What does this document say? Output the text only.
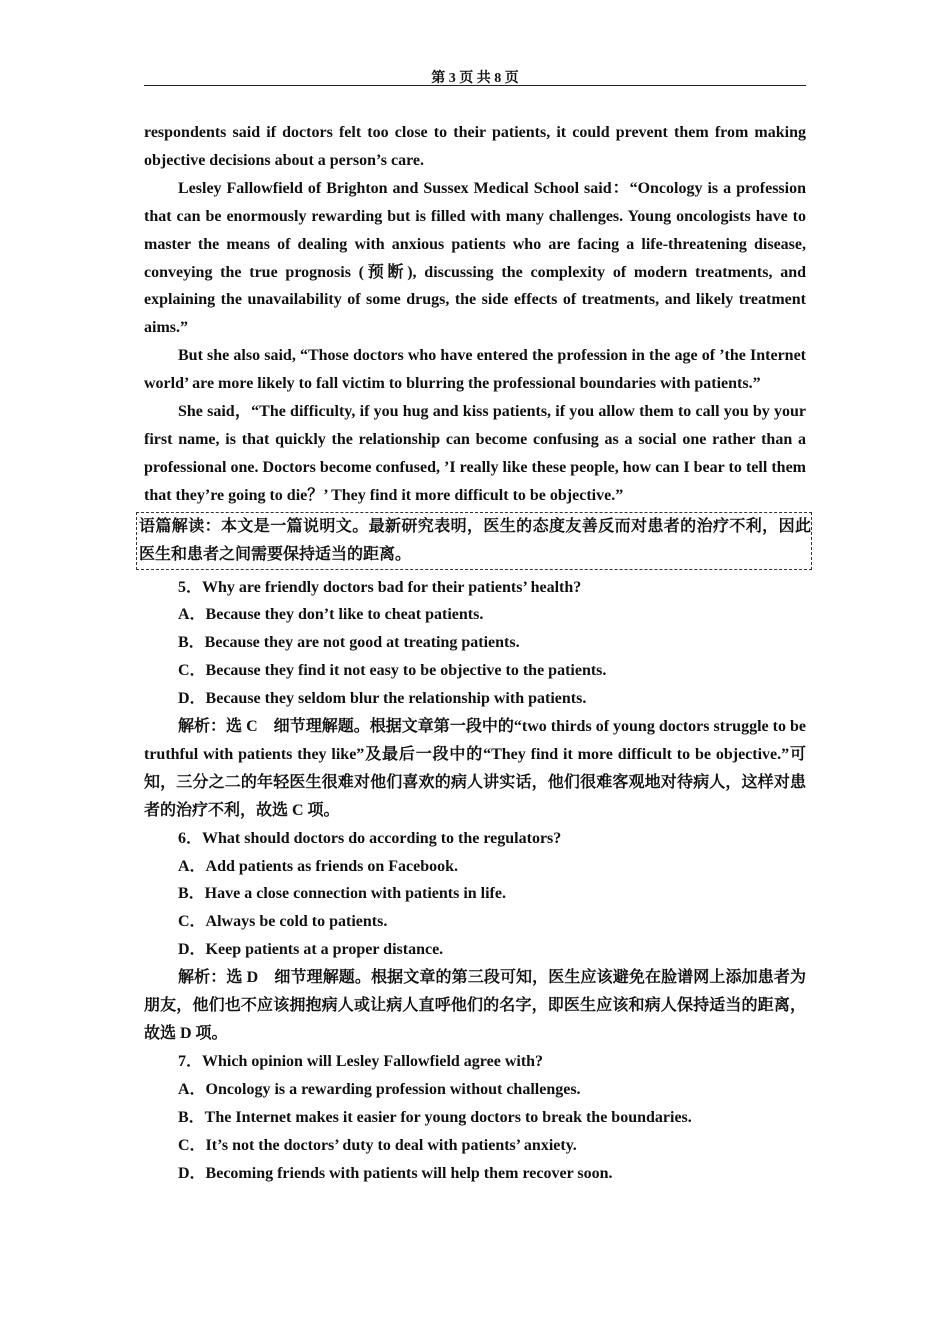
第 3 页 共 8 页

respondents said if doctors felt too close to their patients, it could prevent them from making objective decisions about a person’s care.

Lesley Fallowfield of Brighton and Sussex Medical School said：“Oncology is a profession that can be enormously rewarding but is filled with many challenges. Young oncologists have to master the means of dealing with anxious patients who are facing a life-threatening disease, conveying the true prognosis (预断), discussing the complexity of modern treatments, and explaining the unavailability of some drugs, the side effects of treatments, and likely treatment aims.”

But she also said, “Those doctors who have entered the profession in the age of ’the Internet world’ are more likely to fall victim to blurring the professional boundaries with patients.”

She said，“The difficulty, if you hug and kiss patients, if you allow them to call you by your first name, is that quickly the relationship can become confusing as a social one rather than a professional one. Doctors become confused, ’I really like these people, how can I bear to tell them that they’re going to die？’ They find it more difficult to be objective.”

语篇解读：本文是一篇说明文。最新研究表明，医生的态度友善反而对患者的治疗不利，因此医生和患者之间需要保持适当的距离。

5．Why are friendly doctors bad for their patients’ health?

A．Because they don’t like to cheat patients.

B．Because they are not good at treating patients.

C．Because they find it not easy to be objective to the patients.

D．Because they seldom blur the relationship with patients.

解析：选 C　细节理解题。根据文章第一段中的“two thirds of young doctors struggle to be truthful with patients they like”及最后一段中的“They find it more difficult to be objective.”可知，三分之二的年轻医生很难对他们喜欢的病人讲实话，他们很难客观地对待病人，这样对患者的治疗不利，故选 C 项。

6．What should doctors do according to the regulators?

A．Add patients as friends on Facebook.

B．Have a close connection with patients in life.

C．Always be cold to patients.

D．Keep patients at a proper distance.

解析：选 D　细节理解题。根据文章的第三段可知，医生应该避免在脸谱网上添加患者为朋友，他们也不应该拥抱病人或让病人直呼他们的名字，即医生应该和病人保持适当的距离，故选 D 项。

7．Which opinion will Lesley Fallowfield agree with?

A．Oncology is a rewarding profession without challenges.

B．The Internet makes it easier for young doctors to break the boundaries.

C．It’s not the doctors’ duty to deal with patients’ anxiety.

D．Becoming friends with patients will help them recover soon.
